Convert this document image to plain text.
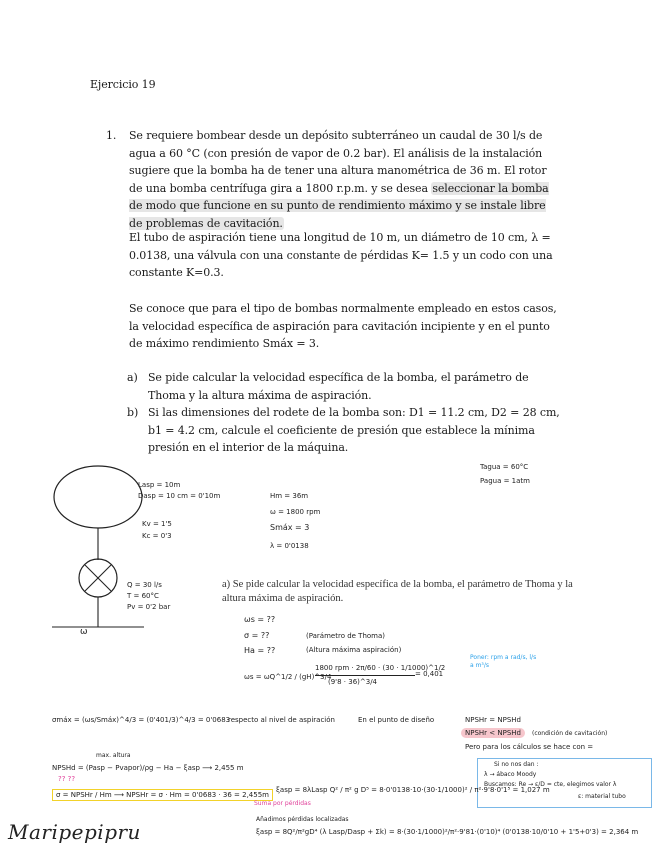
Ejercicio 19
1. Se requiere bombear desde un depósito subterráneo un caudal de 30 l/s de agua a 60 °C (con presión de vapor de 0.2 bar). El análisis de la instalación sugiere que la bomba ha de tener una altura manométrica de 36 m. El rotor de una bomba centrífuga gira a 1800 r.p.m. y se desea seleccionar la bomba de modo que funcione en su punto de rendimiento máximo y se instale libre de problemas de cavitación.
El tubo de aspiración tiene una longitud de 10 m, un diámetro de 10 cm, λ = 0.0138, una válvula con una constante de pérdidas K= 1.5 y un codo con una constante K=0.3.
Se conoce que para el tipo de bombas normalmente empleado en estos casos, la velocidad específica de aspiración para cavitación incipiente y en el punto de máximo rendimiento Smáx = 3.
a) Se pide calcular la velocidad específica de la bomba, el parámetro de Thoma y la altura máxima de aspiración.
b) Si las dimensiones del rodete de la bomba son: D1 = 11.2 cm, D2 = 28 cm, b1 = 4.2 cm, calcule el coeficiente de presión que establece la mínima presión en el interior de la máquina.
ω
Tagua = 60°C
Pagua = 1atm
Lasp = 10m
Dasp = 10 cm = 0'10m	Hm = 36m
ω = 1800 rpm
Smáx = 3
λ = 0'0138
Kv = 1'5
Kc = 0'3
Q = 30 l/s
T = 60°C
Pv = 0'2 bar
a) Se pide calcular la velocidad específica de la bomba, el parámetro de Thoma y la altura máxima de aspiración.
ωs = ??
σ = ??	(Parámetro de Thoma)
Ha = ??	(Altura máxima aspiración)
ωs = ωQ^1/2 / (gH)^3/4
1800 rpm · 2π/60 · (30 · 1/1000)^1/2
(9'8 · 36)^3/4
= 0,401
Poner: rpm a rad/s, l/s a m³/s
σmáx = (ωs/Smáx)^4/3 = (0'401/3)^4/3 = 0'0683
respecto al nivel de aspiración	En el punto de diseño	NPSHr = NPSHd
NPSHr < NPSHd	(condición de cavitación)
Pero para los cálculos se hace con =
max. altura
NPSHd = (Pasp − Pvapor)/ρg − Ha − ξasp ⟶ 2,455 m
?? ??
Si no nos dan :
λ → ábaco Moody
Buscamos: Re → ε/D = cte, elegimos valor λ
ε: material tubo
σ = NPSHr / Hm ⟶ NPSHr = σ · Hm = 0'0683 · 36 = 2,455m
ξasp = 8λLasp Q² / π² g D⁵ = 8·0'0138·10·(30·1/1000)² / π²·9'8·0'1⁵ = 1,027 m
Suma por pérdidas
Añadimos pérdidas localizadas
ξasp = 8Q²/π²gD⁴ (λ Lasp/Dasp + Σk) = 8·(30·1/1000)²/π²·9'81·(0'10)⁴ (0'0138·10/0'10 + 1'5+0'3) = 2,364 m
Maripepipru
